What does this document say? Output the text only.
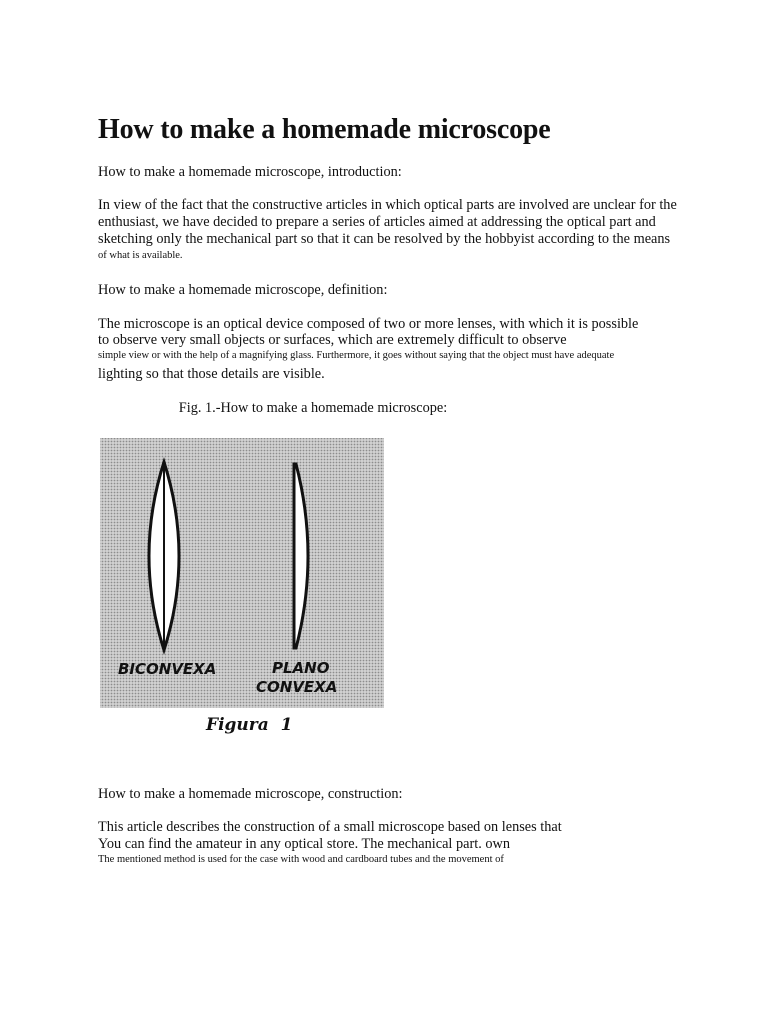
How to make a homemade microscope

How to make a homemade microscope, introduction:

In view of the fact that the constructive articles in which optical parts are involved are unclear for the

enthusiast, we have decided to prepare a series of articles aimed at addressing the optical part and

sketching only the mechanical part so that it can be resolved by the hobbyist according to the means

of what is available.

How to make a homemade microscope, definition:

The microscope is an optical device composed of two or more lenses, with which it is possible

to observe very small objects or surfaces, which are extremely difficult to observe

simple view or with the help of a magnifying glass. Furthermore, it goes without saying that the object must have adequate

lighting so that those details are visible.

Fig. 1.-How to make a homemade microscope:

BICONVEXA	PLANO
CONVEXA
Figura  1

How to make a homemade microscope, construction:

This article describes the construction of a small microscope based on lenses that

You can find the amateur in any optical store. The mechanical part. own

The mentioned method is used for the case with wood and cardboard tubes and the movement of
